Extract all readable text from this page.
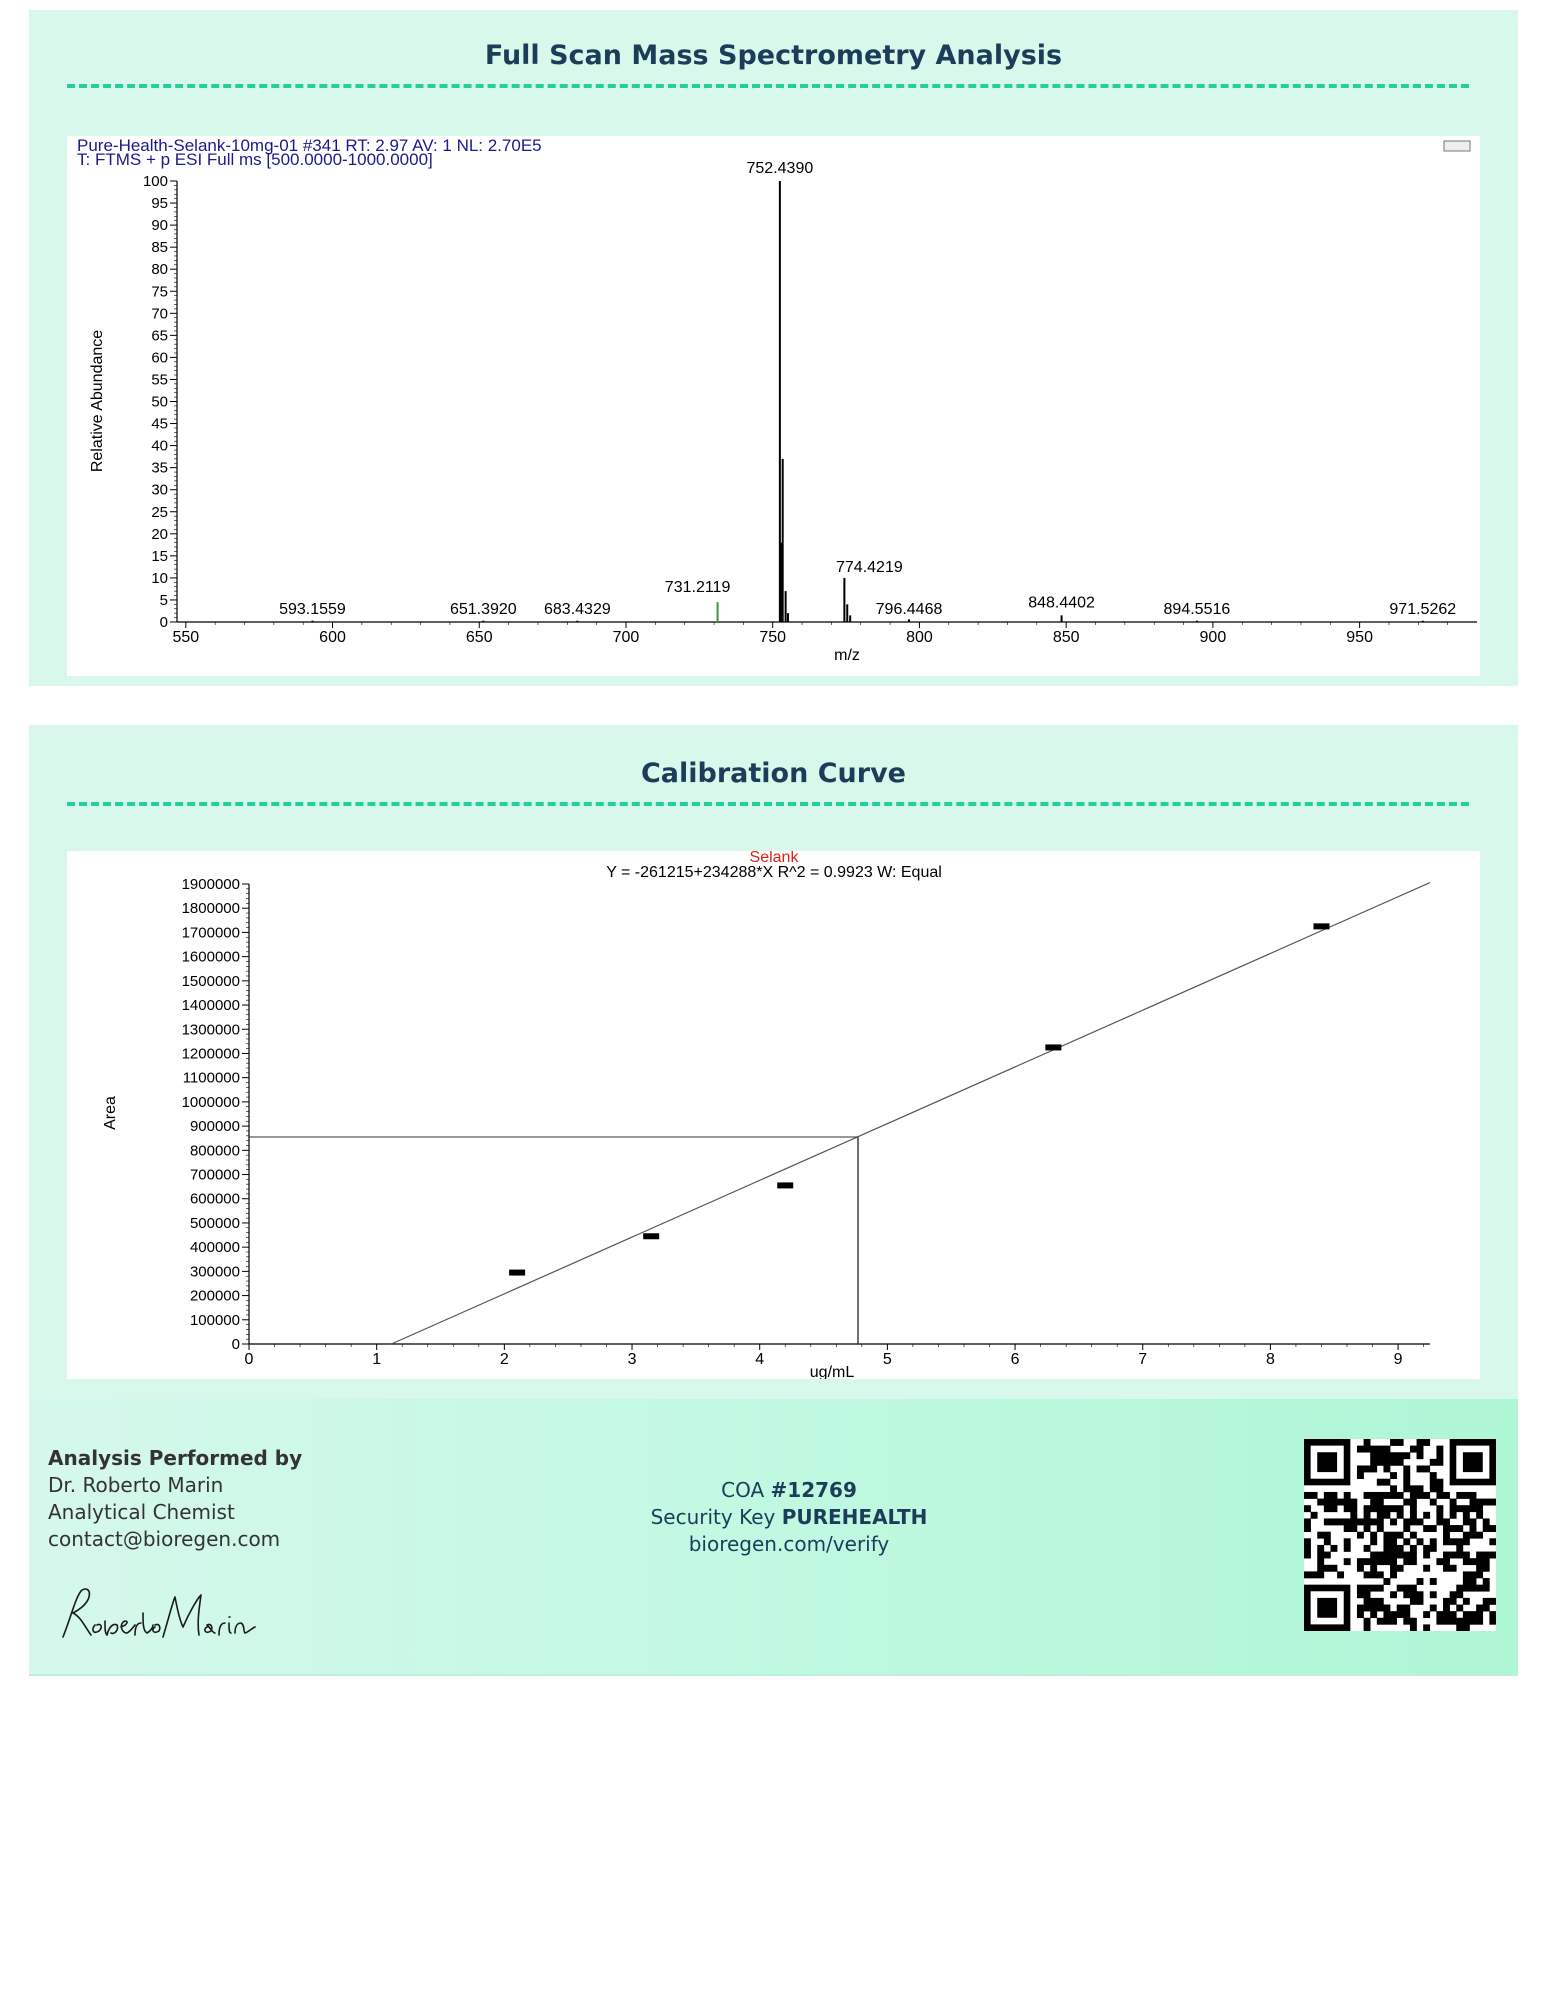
Full Scan Mass Spectrometry Analysis
Pure-Health-Selank-10mg-01 #341 RT: 2.97 AV: 1 NL: 2.70E5
T: FTMS + p ESI Full ms [500.0000-1000.0000]
0
5
10
15
20
25
30
35
40
45
50
55
60
65
70
75
80
85
90
95
100
550	600	650	700	750	800	850	900	950
m/z
Relative Abundance
752.4390
774.4219
731.2119
796.4468	848.4402
593.1559	651.3920 683.4329	894.5516	971.5262
Calibration Curve
Selank
Y = -261215+234288*X R^2 = 0.9923 W: Equal
0
100000
200000
300000
400000
500000
600000
700000
800000
900000
1000000
1100000
1200000
1300000
1400000
1500000
1600000
1700000
1800000
1900000
0	1	2	3	4	5	6	7	8	9
ug/mL
Area
Analysis Performed by
Dr. Roberto Marin
Analytical Chemist
contact@bioregen.com
COA #12769
Security Key PUREHEALTH
bioregen.com/verify
